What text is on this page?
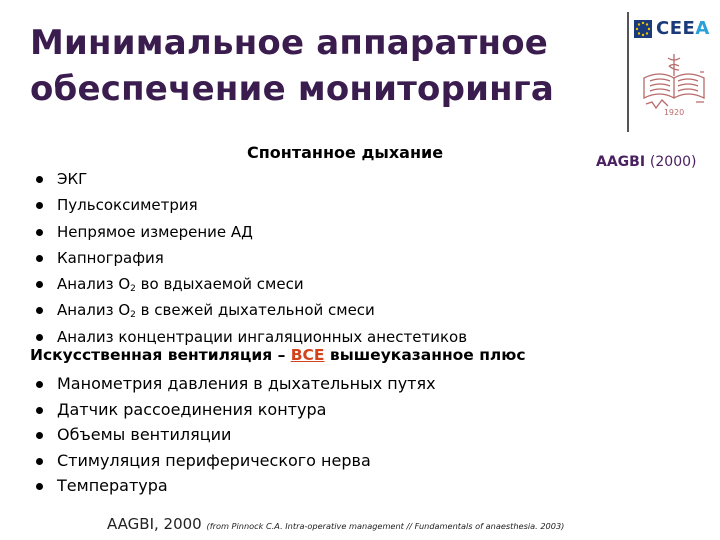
Минимальное аппаратное
обеспечение мониторинга
CEEA
1920

AAGBI (2000)

Спонтанное дыхание
ЭКГ
Пульсоксиметрия
Непрямое измерение АД
Капнография
Анализ $О_2$ во вдыхаемой смеси
Анализ $О_2$ в свежей дыхательной смеси
Анализ концентрации ингаляционных анестетиков

Искусственная вентиляция – ВСЕ вышеуказанное плюс

Манометрия давления в дыхательных путях
Датчик рассоединения контура
Объемы вентиляции
Стимуляция периферического нерва
Температура

AAGBI, 2000 (from Pinnock C.A. Intra-operative management // Fundamentals of anaesthesia. 2003)
